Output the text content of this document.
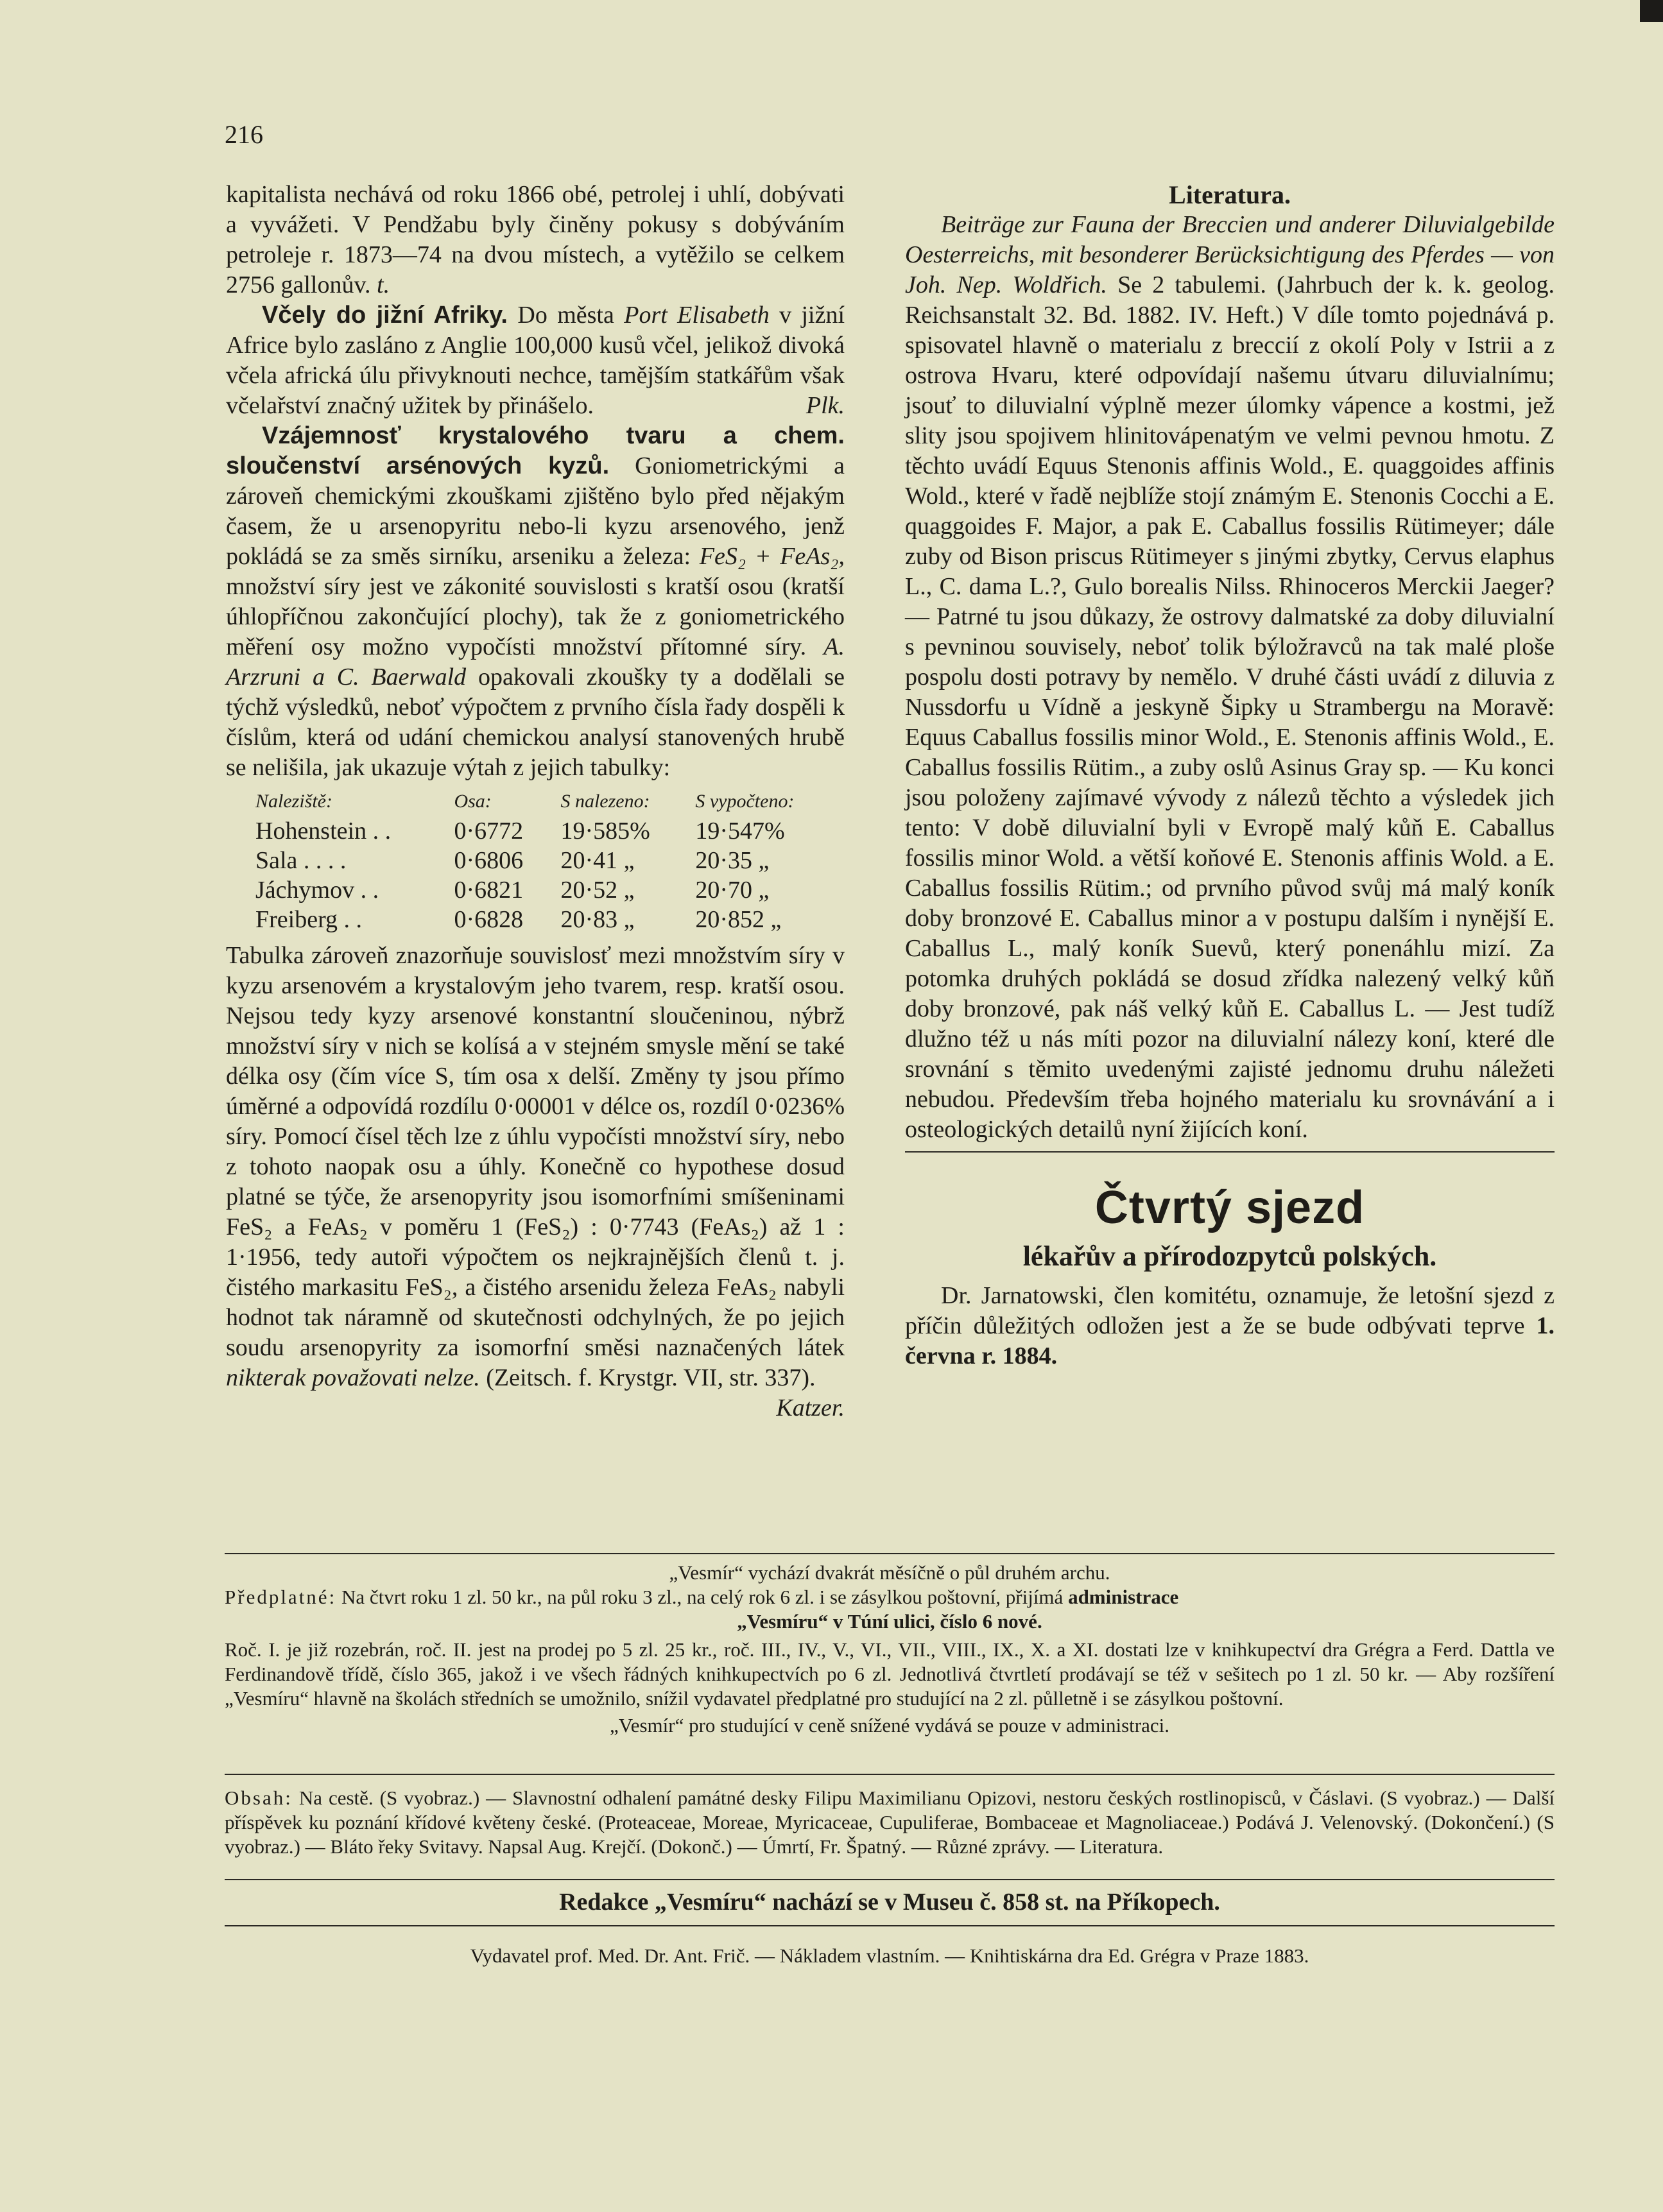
216

kapitalista nechává od roku 1866 obé, petrolej i uhlí, dobývati a vyvážeti. V Pendžabu byly činěny pokusy s dobýváním petroleje r. 1873—74 na dvou místech, a vytěžilo se celkem 2756 gallonův. t.

Včely do jižní Afriky. Do města Port Elisabeth v jižní Africe bylo zasláno z Anglie 100,000 kusů včel, jelikož divoká včela africká úlu přivyknouti nechce, tamějším statkářům však včelařství značný užitek by přinášelo.	Plk.

Vzájemnosť krystalového tvaru a chem. sloučenství arsénových kyzů. Goniometrickými a zároveň chemickými zkouškami zjištěno bylo před nějakým časem, že u arsenopyritu nebo-li kyzu arsenového, jenž pokládá se za směs sirníku, arseniku a železa: FeS₂ + FeAs₂, množství síry jest ve zákonité souvislosti s kratší osou (kratší úhlopříčnou zakončující plochy), tak že z goniometrického měření osy možno vypočísti množství přítomné síry. A. Arzruni a C. Baerwald opakovali zkoušky ty a dodělali se týchž výsledků, neboť výpočtem z prvního čísla řady dospěli k číslům, která od udání chemickou analysí stanovených hrubě se nelišila, jak ukazuje výtah z jejich tabulky:

Naleziště:	Osa:	S nalezeno:	S vypočteno:
Hohenstein . .	0·6772	19·585%	19·547%
Sala . . . .	0·6806	20·41 „	20·35 „
Jáchymov . .	0·6821	20·52 „	20·70 „
Freiberg . .	0·6828	20·83 „	20·852 „

Tabulka zároveň znazorňuje souvislosť mezi množstvím síry v kyzu arsenovém a krystalovým jeho tvarem, resp. kratší osou. Nejsou tedy kyzy arsenové konstantní sloučeninou, nýbrž množství síry v nich se kolísá a v stejném smysle mění se také délka osy (čím více S, tím osa x delší. Změny ty jsou přímo úměrné a odpovídá rozdílu 0·00001 v délce os, rozdíl 0·0236% síry. Pomocí čísel těch lze z úhlu vypočísti množství síry, nebo z tohoto naopak osu a úhly. Konečně co hypothese dosud platné se týče, že arsenopyrity jsou isomorfními smíšeninami FeS₂ a FeAs₂ v poměru 1 (FeS₂) : 0·7743 (FeAs₂) až 1 : 1·1956, tedy autoři výpočtem os nejkrajnějších členů t. j. čistého markasitu FeS₂, a čistého arsenidu železa FeAs₂ nabyli hodnot tak náramně od skutečnosti odchylných, že po jejich soudu arsenopyrity za isomorfní směsi naznačených látek nikterak považovati nelze. (Zeitsch. f. Krystgr. VII, str. 337).
Katzer.

Literatura.

Beiträge zur Fauna der Breccien und anderer Diluvialgebilde Oesterreichs, mit besonderer Berücksichtigung des Pferdes — von Joh. Nep. Woldřich. Se 2 tabulemi. (Jahrbuch der k. k. geolog. Reichsanstalt 32. Bd. 1882. IV. Heft.) V díle tomto pojednává p. spisovatel hlavně o materialu z breccií z okolí Poly v Istrii a z ostrova Hvaru, které odpovídají našemu útvaru diluvialnímu; jsouť to diluvialní výplně mezer úlomky vápence a kostmi, jež slity jsou spojivem hlinitovápenatým ve velmi pevnou hmotu. Z těchto uvádí Equus Stenonis affinis Wold., E. quaggoides affinis Wold., které v řadě nejblíže stojí známým E. Stenonis Cocchi a E. quaggoides F. Major, a pak E. Caballus fossilis Rütimeyer; dále zuby od Bison priscus Rütimeyer s jinými zbytky, Cervus elaphus L., C. dama L.?, Gulo borealis Nilss. Rhinoceros Merckii Jaeger? — Patrné tu jsou důkazy, že ostrovy dalmatské za doby diluvialní s pevninou souvisely, neboť tolik býložravců na tak malé ploše pospolu dosti potravy by nemělo. V druhé části uvádí z diluvia z Nussdorfu u Vídně a jeskyně Šipky u Strambergu na Moravě: Equus Caballus fossilis minor Wold., E. Stenonis affinis Wold., E. Caballus fossilis Rütim., a zuby oslů Asinus Gray sp. — Ku konci jsou položeny zajímavé vývody z nálezů těchto a výsledek jich tento: V době diluvialní byli v Evropě malý kůň E. Caballus fossilis minor Wold. a větší koňové E. Stenonis affinis Wold. a E. Caballus fossilis Rütim.; od prvního původ svůj má malý koník doby bronzové E. Caballus minor a v postupu dalším i nynější E. Caballus L., malý koník Suevů, který ponenáhlu mizí. Za potomka druhých pokládá se dosud zřídka nalezený velký kůň doby bronzové, pak náš velký kůň E. Caballus L. — Jest tudíž dlužno též u nás míti pozor na diluvialní nálezy koní, které dle srovnání s těmito uvedenými zajisté jednomu druhu náležeti nebudou. Především třeba hojného materialu ku srovnávání a i osteologických detailů nyní žijících koní.

Čtvrtý sjezd
lékařův a přírodozpytců polských.

Dr. Jarnatowski, člen komitétu, oznamuje, že letošní sjezd z příčin důležitých odložen jest a že se bude odbývati teprve 1. června r. 1884.

„Vesmír“ vychází dvakrát měsíčně o půl druhém archu.
Předplatné: Na čtvrt roku 1 zl. 50 kr., na půl roku 3 zl., na celý rok 6 zl. i se zásylkou poštovní, přijímá administrace
„Vesmíru“ v Túní ulici, číslo 6 nové.
Roč. I. je již rozebrán, roč. II. jest na prodej po 5 zl. 25 kr., roč. III., IV., V., VI., VII., VIII., IX., X. a XI. dostati lze v knihkupectví dra Grégra a Ferd. Dattla ve Ferdinandově třídě, číslo 365, jakož i ve všech řádných knihkupectvích po 6 zl. Jednotlivá čtvrtletí prodávají se též v sešitech po 1 zl. 50 kr. — Aby rozšíření „Vesmíru“ hlavně na školách středních se umožnilo, snížil vydavatel předplatné pro studující na 2 zl. půlletně i se zásylkou poštovní.
„Vesmír“ pro studující v ceně snížené vydává se pouze v administraci.
Obsah: Na cestě. (S vyobraz.) — Slavnostní odhalení památné desky Filipu Maximilianu Opizovi, nestoru českých rostlinopisců, v Čáslavi. (S vyobraz.) — Další příspěvek ku poznání křídové květeny české. (Proteaceae, Moreae, Myricaceae, Cupuliferae, Bombaceae et Magnoliaceae.) Podává J. Velenovský. (Dokončení.) (S vyobraz.) — Bláto řeky Svitavy. Napsal Aug. Krejčí. (Dokonč.) — Úmrtí, Fr. Špatný. — Různé zprávy. — Literatura.
Redakce „Vesmíru“ nachází se v Museu č. 858 st. na Příkopech.
Vydavatel prof. Med. Dr. Ant. Frič. — Nákladem vlastním. — Knihtiskárna dra Ed. Grégra v Praze 1883.
